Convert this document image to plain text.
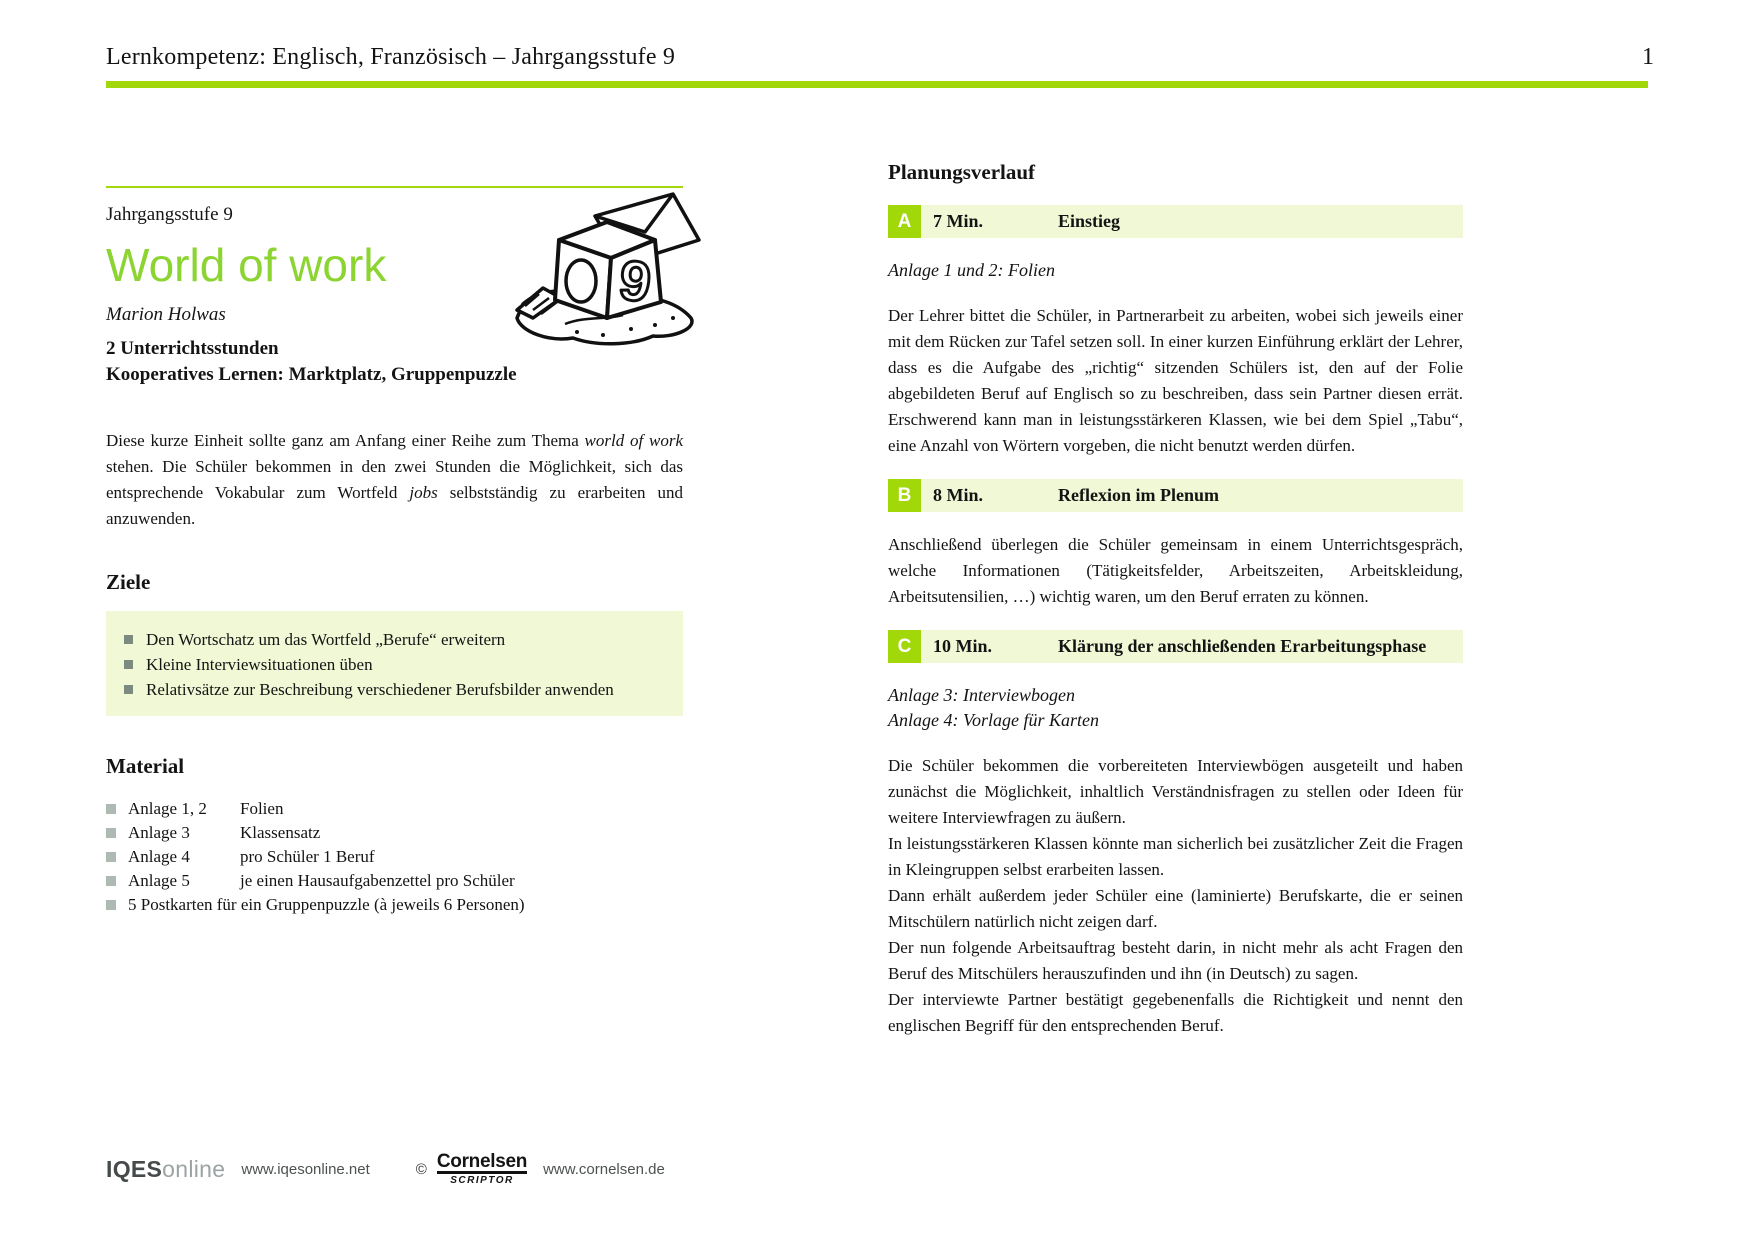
Lernkompetenz: Englisch, Französisch – Jahrgangsstufe 9	1
Jahrgangsstufe 9
World of work
Marion Holwas
2 Unterrichtsstunden
Kooperatives Lernen: Marktplatz, Gruppenpuzzle

Diese kurze Einheit sollte ganz am Anfang einer Reihe zum Thema world of work stehen. Die Schüler bekommen in den zwei Stunden die Möglichkeit, sich das entsprechende Vokabular zum Wortfeld jobs selbstständig zu erarbeiten und anzuwenden.

Ziele
Den Wortschatz um das Wortfeld „Berufe“ erweitern
Kleine Interviewsituationen üben
Relativsätze zur Beschreibung verschiedener Berufsbilder anwenden
Material
Anlage 1, 2	Folien
Anlage 3	Klassensatz
Anlage 4	pro Schüler 1 Beruf
Anlage 5	je einen Hausaufgabenzettel pro Schüler
5 Postkarten für ein Gruppenpuzzle (à jeweils 6 Personen)
9
Planungsverlauf
A	7 Min.	Einstieg

Anlage 1 und 2: Folien

Der Lehrer bittet die Schüler, in Partnerarbeit zu arbeiten, wobei sich jeweils einer mit dem Rücken zur Tafel setzen soll. In einer kurzen Einführung erklärt der Lehrer, dass es die Aufgabe des „richtig“ sitzenden Schülers ist, den auf der Folie abgebildeten Beruf auf Englisch so zu beschreiben, dass sein Partner diesen errät. Erschwerend kann man in leistungsstärkeren Klassen, wie bei dem Spiel „Tabu“, eine Anzahl von Wörtern vorgeben, die nicht benutzt werden dürfen.

B	8 Min.	Reflexion im Plenum

Anschließend überlegen die Schüler gemeinsam in einem Unterrichtsgespräch, welche Informationen (Tätigkeitsfelder, Arbeitszeiten, Arbeitskleidung, Arbeitsutensilien, …) wichtig waren, um den Beruf erraten zu können.

C	10 Min.	Klärung der anschließenden Erarbeitungsphase

Anlage 3: Interviewbogen

Anlage 4: Vorlage für Karten

Die Schüler bekommen die vorbereiteten Interviewbögen ausgeteilt und haben zunächst die Möglichkeit, inhaltlich Verständnisfragen zu stellen oder Ideen für weitere Interviewfragen zu äußern.

In leistungsstärkeren Klassen könnte man sicherlich bei zusätzlicher Zeit die Fragen in Kleingruppen selbst erarbeiten lassen.

Dann erhält außerdem jeder Schüler eine (laminierte) Berufskarte, die er seinen Mitschülern natürlich nicht zeigen darf.

Der nun folgende Arbeitsauftrag besteht darin, in nicht mehr als acht Fragen den Beruf des Mitschülers herauszufinden und ihn (in Deutsch) zu sagen.

Der interviewte Partner bestätigt gegebenenfalls die Richtigkeit und nennt den englischen Begriff für den entsprechenden Beruf.

IQESonline www.iqesonline.net	© Cornelsen
SCRIPTOR
www.cornelsen.de
